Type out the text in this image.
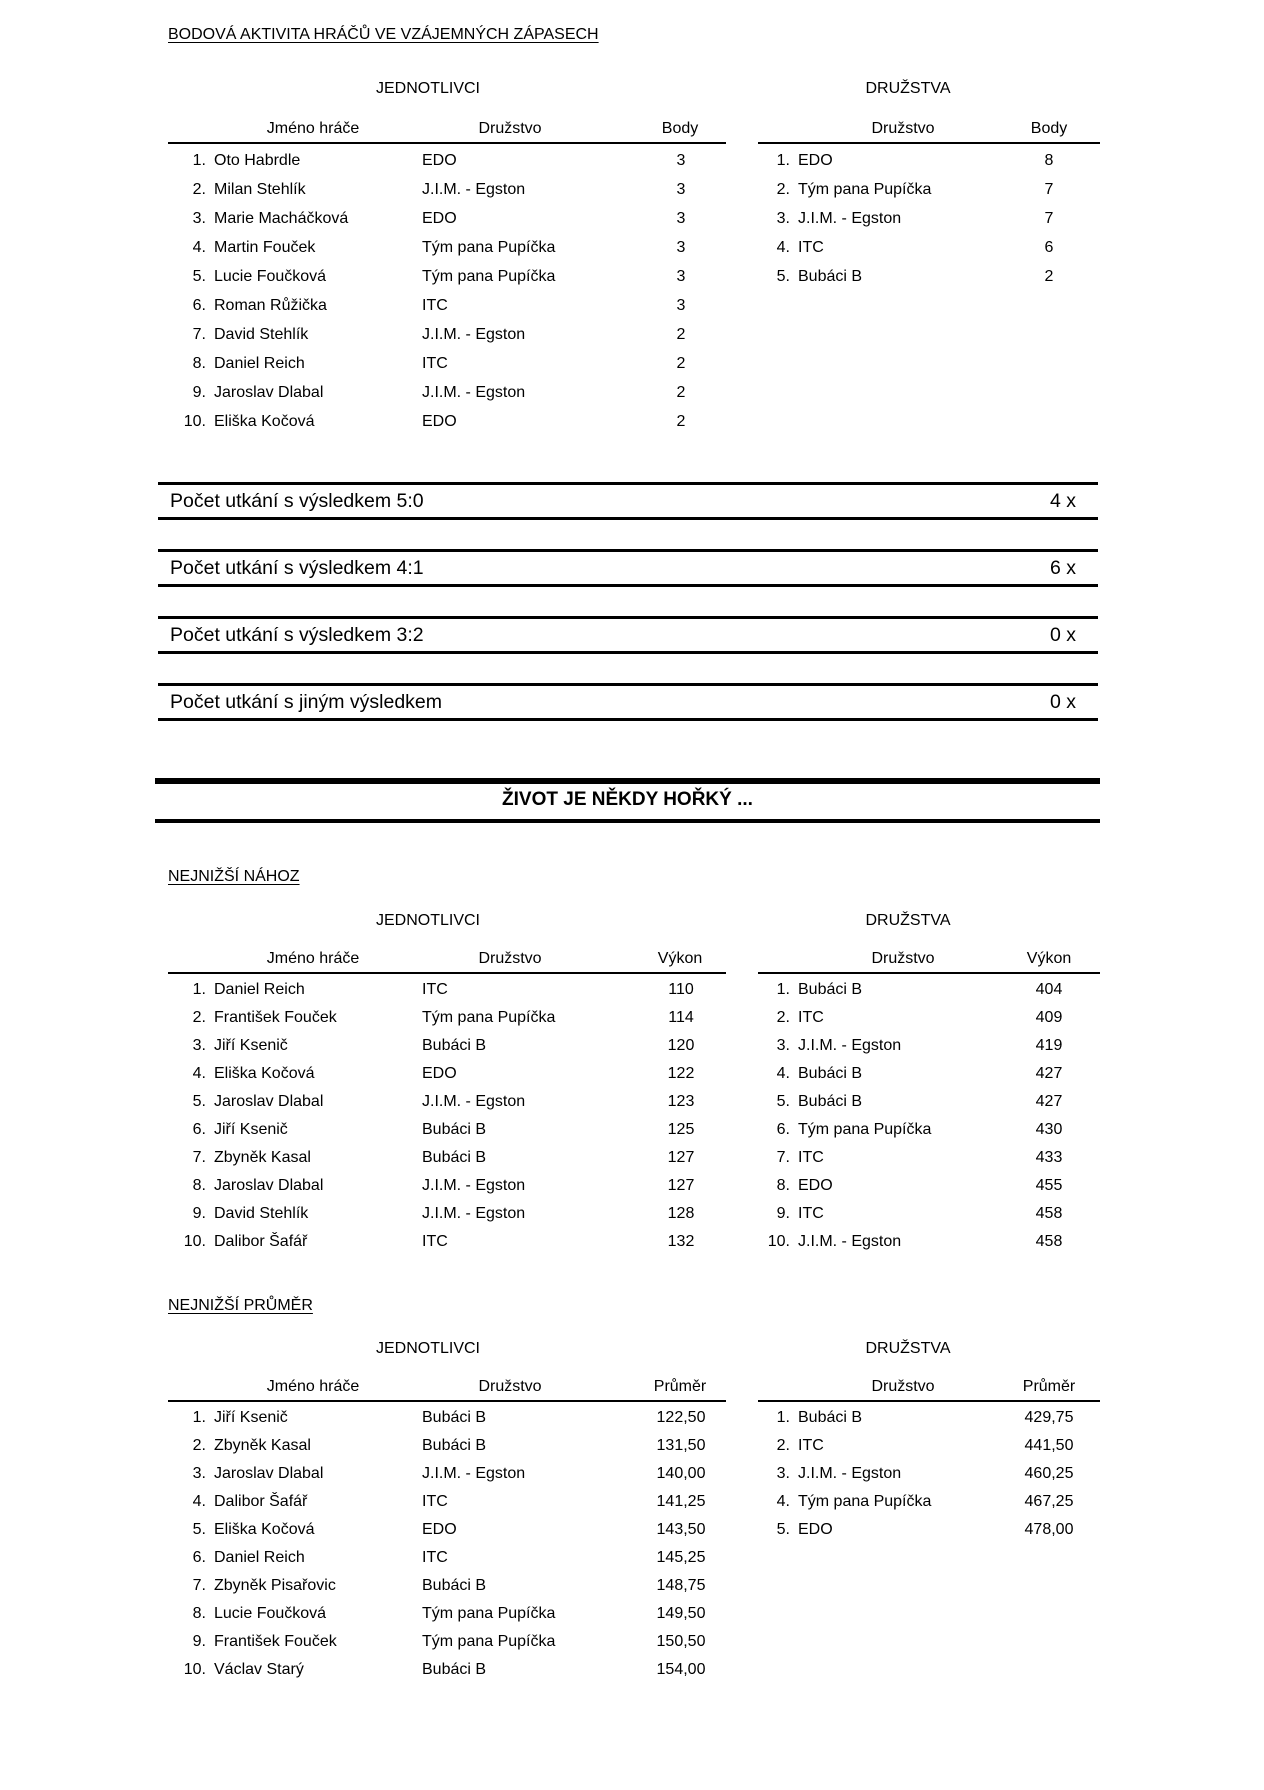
BODOVÁ AKTIVITA HRÁČŮ VE VZÁJEMNÝCH ZÁPASECH
JEDNOTLIVCI	DRUŽSTVA
Jméno hráče	Družstvo	Body	Družstvo	Body
1. Oto Habrdle	EDO	3
2. Milan Stehlík	J.I.M. - Egston	3
3. Marie Macháčková	EDO	3
4. Martin Fouček	Tým pana Pupíčka	3
5. Lucie Foučková	Tým pana Pupíčka	3
6. Roman Růžička	ITC	3
7. David Stehlík	J.I.M. - Egston	2
8. Daniel Reich	ITC	2
9. Jaroslav Dlabal	J.I.M. - Egston	2
10. Eliška Kočová	EDO	2
1. EDO	8
2. Tým pana Pupíčka	7
3. J.I.M. - Egston	7
4. ITC	6
5. Bubáci B	2
Počet utkání s výsledkem 5:0	4 x
Počet utkání s výsledkem 4:1	6 x
Počet utkání s výsledkem 3:2	0 x
Počet utkání s jiným výsledkem	0 x
ŽIVOT JE NĚKDY HOŘKÝ ...
NEJNIŽŠÍ NÁHOZ
JEDNOTLIVCI	DRUŽSTVA
Jméno hráče	Družstvo	Výkon	Družstvo	Výkon
1. Daniel Reich	ITC	110
2. František Fouček	Tým pana Pupíčka	114
3. Jiří Ksenič	Bubáci B	120
4. Eliška Kočová	EDO	122
5. Jaroslav Dlabal	J.I.M. - Egston	123
6. Jiří Ksenič	Bubáci B	125
7. Zbyněk Kasal	Bubáci B	127
8. Jaroslav Dlabal	J.I.M. - Egston	127
9. David Stehlík	J.I.M. - Egston	128
10. Dalibor Šafář	ITC	132
1. Bubáci B	404
2. ITC	409
3. J.I.M. - Egston	419
4. Bubáci B	427
5. Bubáci B	427
6. Tým pana Pupíčka	430
7. ITC	433
8. EDO	455
9. ITC	458
10. J.I.M. - Egston	458
NEJNIŽŠÍ PRŮMĚR
JEDNOTLIVCI	DRUŽSTVA
Jméno hráče	Družstvo	Průměr	Družstvo	Průměr
1. Jiří Ksenič	Bubáci B	122,50
2. Zbyněk Kasal	Bubáci B	131,50
3. Jaroslav Dlabal	J.I.M. - Egston	140,00
4. Dalibor Šafář	ITC	141,25
5. Eliška Kočová	EDO	143,50
6. Daniel Reich	ITC	145,25
7. Zbyněk Pisařovic	Bubáci B	148,75
8. Lucie Foučková	Tým pana Pupíčka	149,50
9. František Fouček	Tým pana Pupíčka	150,50
10. Václav Starý	Bubáci B	154,00
1. Bubáci B	429,75
2. ITC	441,50
3. J.I.M. - Egston	460,25
4. Tým pana Pupíčka	467,25
5. EDO	478,00
